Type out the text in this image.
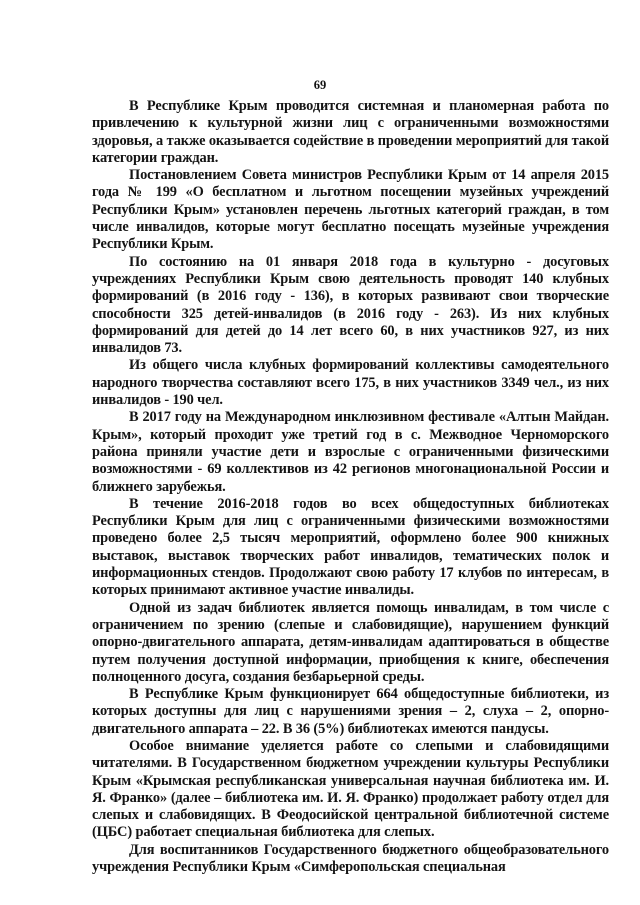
69

В Республике Крым проводится системная и планомерная работа по привлечению к культурной жизни лиц с ограниченными возможностями здоровья, а также оказывается содействие в проведении мероприятий для такой категории граждан.

Постановлением Совета министров Республики Крым от 14 апреля 2015 года № 199 «О бесплатном и льготном посещении музейных учреждений Республики Крым» установлен перечень льготных категорий граждан, в том числе инвалидов, которые могут бесплатно посещать музейные учреждения Республики Крым.

По состоянию на 01 января 2018 года в культурно - досуговых учреждениях Республики Крым свою деятельность проводят 140 клубных формирований (в 2016 году - 136), в которых развивают свои творческие способности 325 детей-инвалидов (в 2016 году - 263). Из них клубных формирований для детей до 14 лет всего 60, в них участников 927, из них инвалидов 73.

Из общего числа клубных формирований коллективы самодеятельного народного творчества составляют всего 175, в них участников 3349 чел., из них инвалидов - 190 чел.

В 2017 году на Международном инклюзивном фестивале «Алтын Майдан. Крым», который проходит уже третий год в с. Межводное Черноморского района приняли участие дети и взрослые с ограниченными физическими возможностями - 69 коллективов из 42 регионов многонациональной России и ближнего зарубежья.

В течение 2016-2018 годов во всех общедоступных библиотеках Республики Крым для лиц с ограниченными физическими возможностями проведено более 2,5 тысяч мероприятий, оформлено более 900 книжных выставок, выставок творческих работ инвалидов, тематических полок и информационных стендов. Продолжают свою работу 17 клубов по интересам, в которых принимают активное участие инвалиды.

Одной из задач библиотек является помощь инвалидам, в том числе с ограничением по зрению (слепые и слабовидящие), нарушением функций опорно-двигательного аппарата, детям-инвалидам адаптироваться в обществе путем получения доступной информации, приобщения к книге, обеспечения полноценного досуга, создания безбарьерной среды.

В Республике Крым функционирует 664 общедоступные библиотеки, из которых доступны для лиц с нарушениями зрения – 2, слуха – 2, опорно-двигательного аппарата – 22. В 36 (5%) библиотеках имеются пандусы.

Особое внимание уделяется работе со слепыми и слабовидящими читателями. В Государственном бюджетном учреждении культуры Республики Крым «Крымская республиканская универсальная научная библиотека им. И. Я. Франко» (далее – библиотека им. И. Я. Франко) продолжает работу отдел для слепых и слабовидящих. В Феодосийской центральной библиотечной системе (ЦБС) работает специальная библиотека для слепых.

Для воспитанников Государственного бюджетного общеобразовательного учреждения Республики Крым «Симферопольская специальная
